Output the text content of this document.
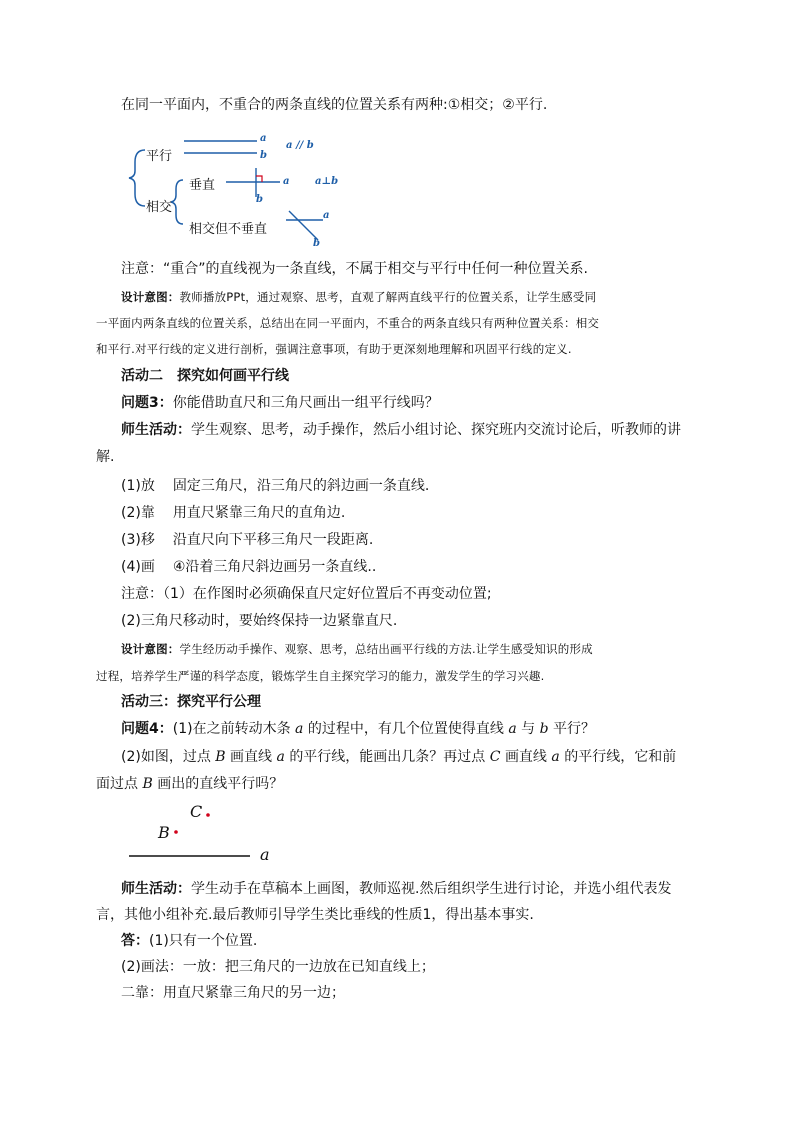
在同一平面内，不重合的两条直线的位置关系有两种:①相交；②平行.
平行
相交
垂直
相交但不垂直
a
b
a // b
a
b
a⊥b
a
b
注意：“重合”的直线视为一条直线，不属于相交与平行中任何一种位置关系.
设计意图：教师播放PPt，通过观察、思考，直观了解两直线平行的位置关系，让学生感受同
一平面内两条直线的位置关系，总结出在同一平面内，不重合的两条直线只有两种位置关系：相交
和平行.对平行线的定义进行剖析，强调注意事项，有助于更深刻地理解和巩固平行线的定义.
活动二　探究如何画平行线
问题3：你能借助直尺和三角尺画出一组平行线吗？
师生活动：学生观察、思考，动手操作，然后小组讨论、探究班内交流讨论后，听教师的讲
解.
(1)放 固定三角尺，沿三角尺的斜边画一条直线.
(2)靠 用直尺紧靠三角尺的直角边.
(3)移 沿直尺向下平移三角尺一段距离.
(4)画 ④沿着三角尺斜边画另一条直线..
注意：（1）在作图时必须确保直尺定好位置后不再变动位置;
(2)三角尺移动时，要始终保持一边紧靠直尺.
设计意图：学生经历动手操作、观察、思考，总结出画平行线的方法.让学生感受知识的形成
过程，培养学生严谨的科学态度，锻炼学生自主探究学习的能力，激发学生的学习兴趣.
活动三：探究平行公理
问题4：(1)在之前转动木条 a 的过程中，有几个位置使得直线 a 与 b 平行？
(2)如图，过点 B 画直线 a 的平行线，能画出几条？再过点 C 画直线 a 的平行线，它和前
面过点 B 画出的直线平行吗？
C
B
a
师生活动：学生动手在草稿本上画图，教师巡视.然后组织学生进行讨论，并选小组代表发
言，其他小组补充.最后教师引导学生类比垂线的性质1，得出基本事实.
答：(1)只有一个位置.
(2)画法：一放：把三角尺的一边放在已知直线上；
二靠：用直尺紧靠三角尺的另一边；
